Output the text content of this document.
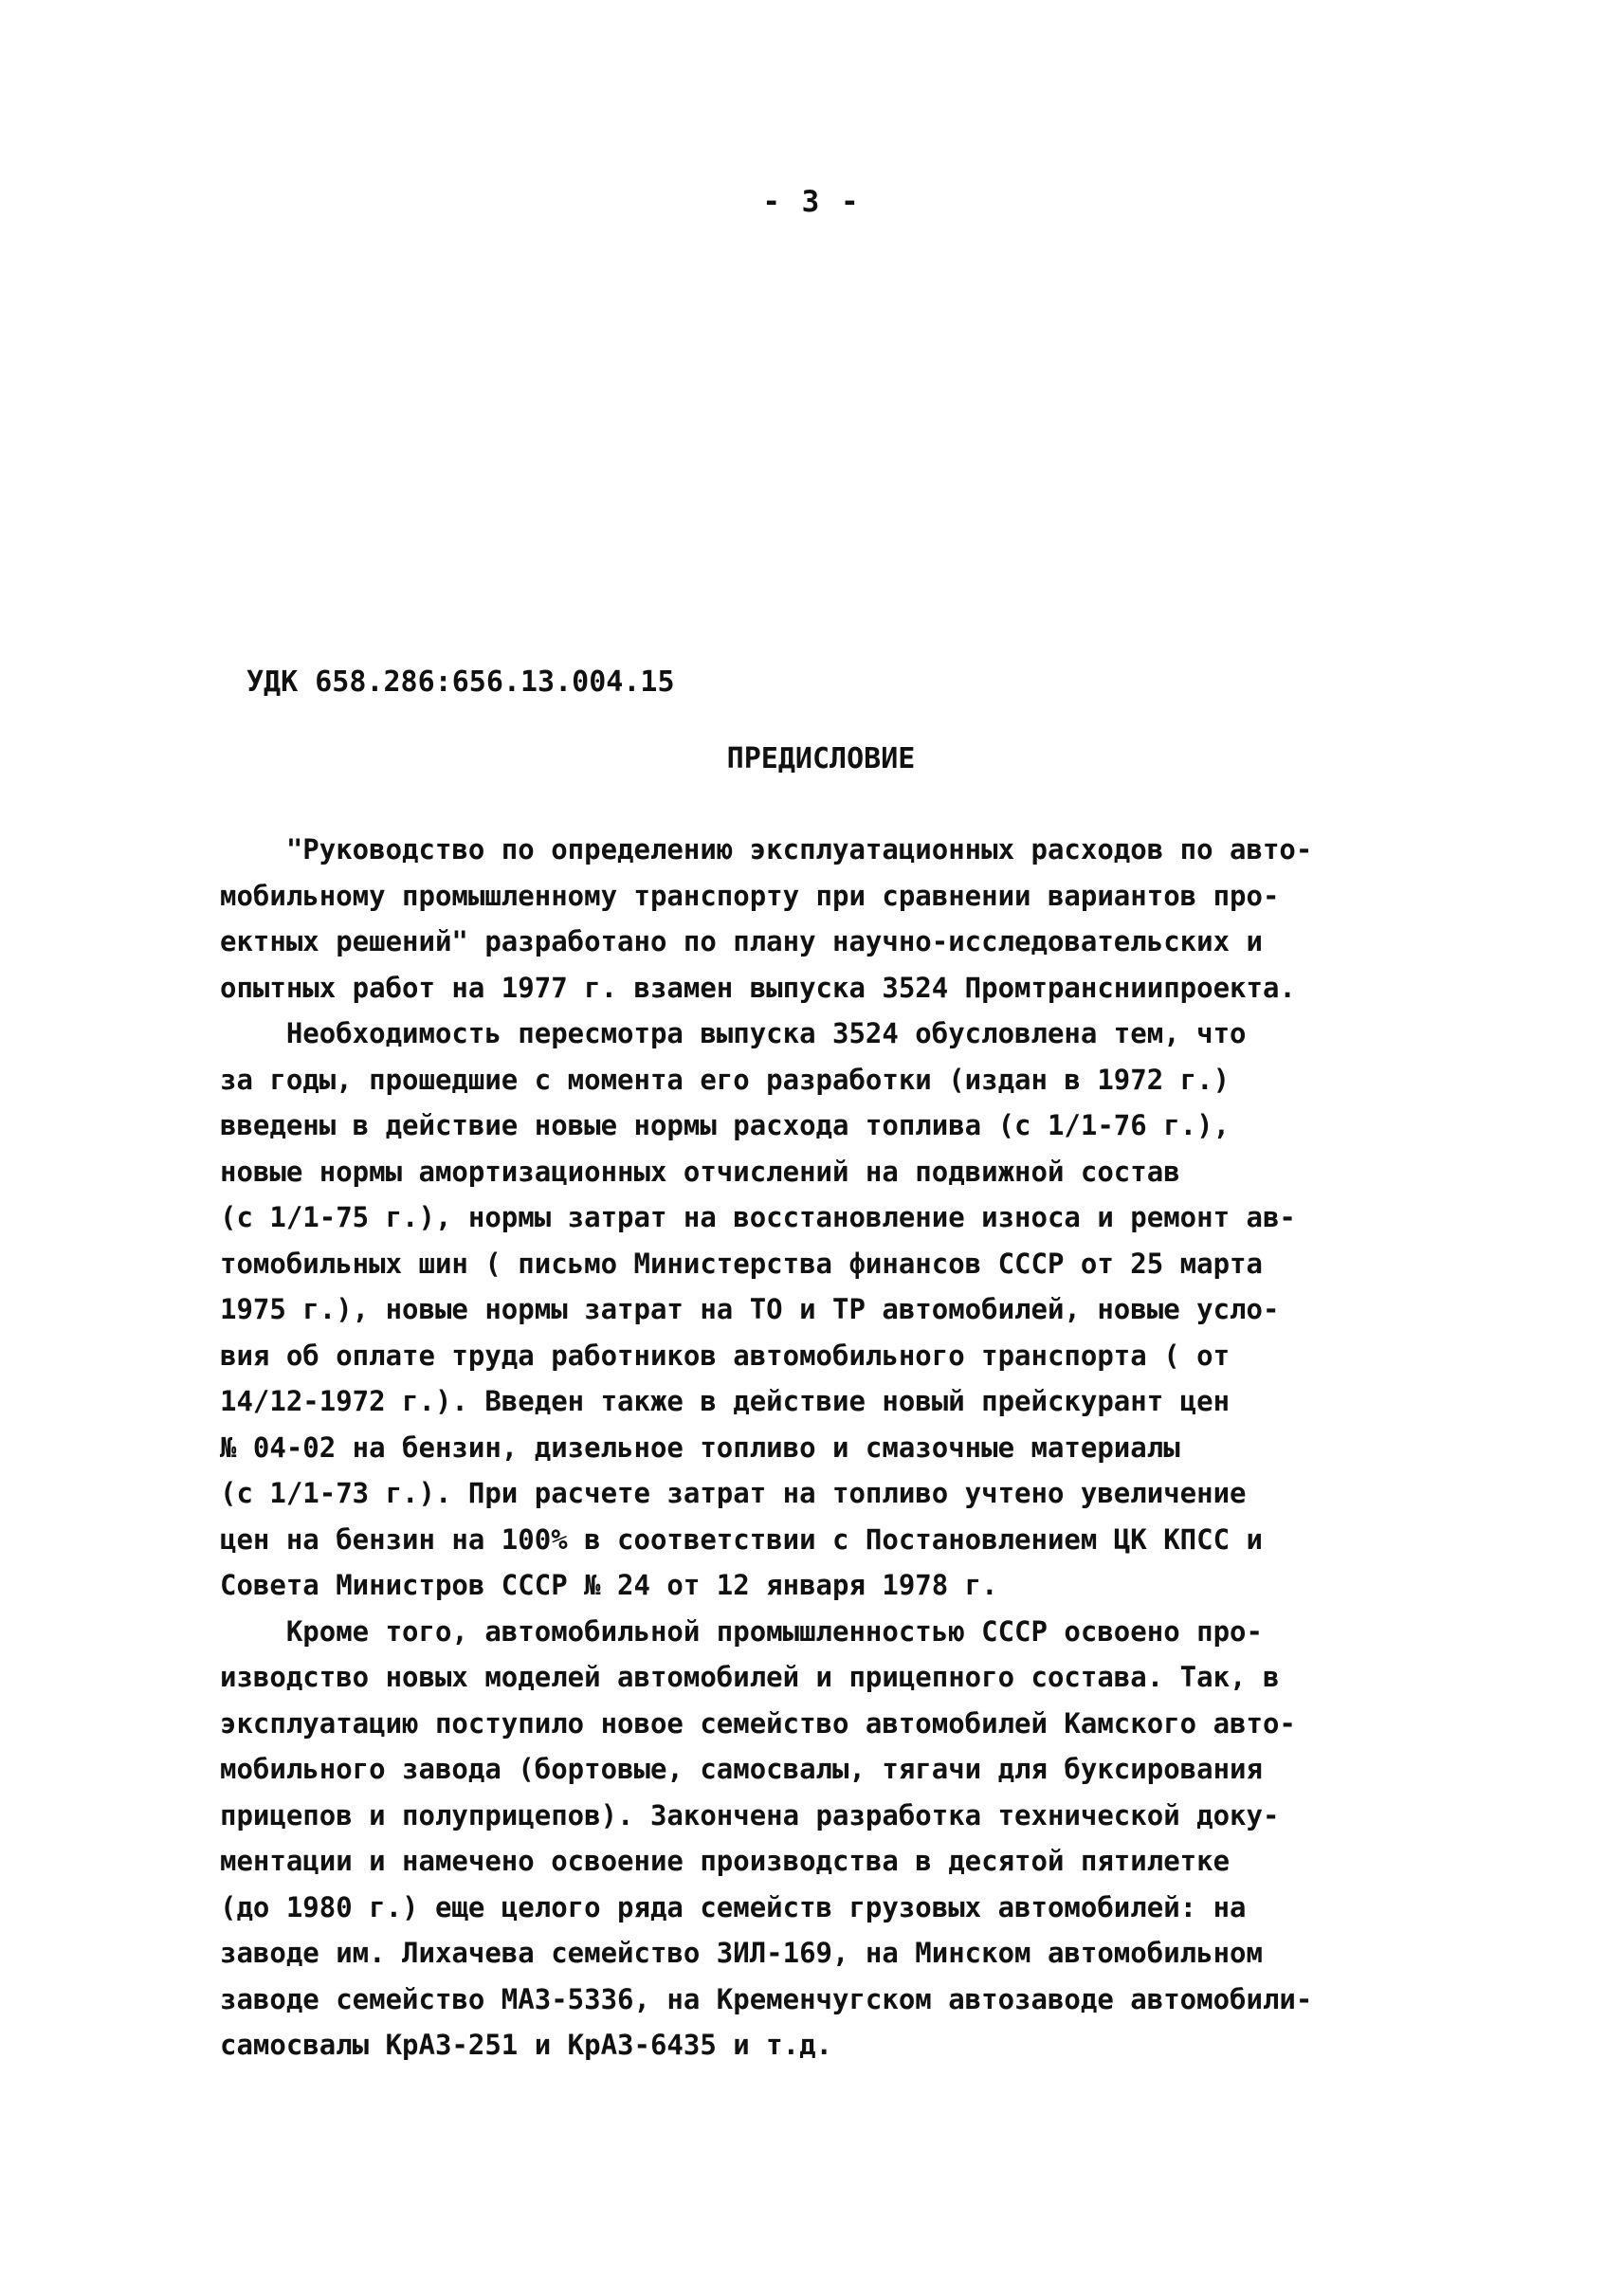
- 3 -
УДК 658.286:656.13.004.15
ПРЕДИСЛОВИЕ
"Руководство по определению эксплуатационных расходов по авто-
мобильному промышленному транспорту при сравнении вариантов про-
ектных решений" разработано по плану научно-исследовательских и
опытных работ на 1977 г. взамен выпуска 3524 Промтрансниипроекта.
Необходимость пересмотра выпуска 3524 обусловлена тем, что
за годы, прошедшие с момента его разработки (издан в 1972 г.)
введены в действие новые нормы расхода топлива (с 1/1-76 г.),
новые нормы амортизационных отчислений на подвижной состав
(с 1/1-75 г.), нормы затрат на восстановление износа и ремонт ав-
томобильных шин ( письмо Министерства финансов СССР от 25 марта
1975 г.), новые нормы затрат на ТО и ТР автомобилей, новые усло-
вия об оплате труда работников автомобильного транспорта ( от
14/12-1972 г.). Введен также в действие новый прейскурант цен
№ 04-02 на бензин, дизельное топливо и смазочные материалы
(с 1/1-73 г.). При расчете затрат на топливо учтено увеличение
цен на бензин на 100% в соответствии с Постановлением ЦК КПСС и
Совета Министров СССР № 24 от 12 января 1978 г.
Кроме того, автомобильной промышленностью СССР освоено про-
изводство новых моделей автомобилей и прицепного состава. Так, в
эксплуатацию поступило новое семейство автомобилей Камского авто-
мобильного завода (бортовые, самосвалы, тягачи для буксирования
прицепов и полуприцепов). Закончена разработка технической доку-
ментации и намечено освоение производства в десятой пятилетке
(до 1980 г.) еще целого ряда семейств грузовых автомобилей: на
заводе им. Лихачева семейство ЗИЛ-169, на Минском автомобильном
заводе семейство МАЗ-5336, на Кременчугском автозаводе автомобили-
самосвалы КрАЗ-251 и КрАЗ-6435 и т.д.
